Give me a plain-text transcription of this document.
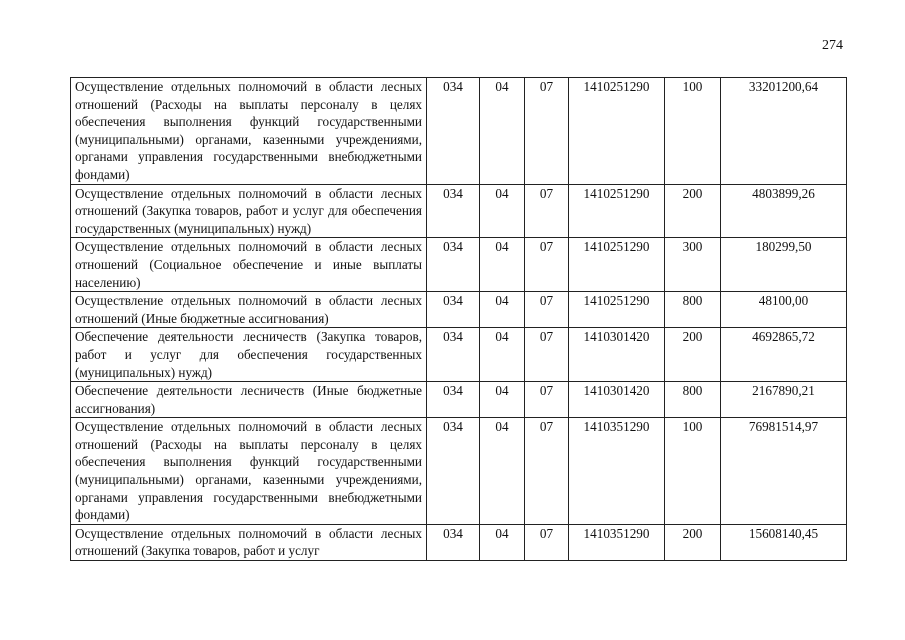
274
Осуществление отдельных полномочий в области лесных отношений (Расходы на выплаты персоналу в целях обеспечения выполнения функций государственными (муниципальными) органами, казенными учреждениями, органами управления государственными внебюджетными фондами)	034	04	07	1410251290	100	33201200,64
Осуществление отдельных полномочий в области лесных отношений (Закупка товаров, работ и услуг для обеспечения государственных (муниципальных) нужд)	034	04	07	1410251290	200	4803899,26
Осуществление отдельных полномочий в области лесных отношений (Социальное обеспечение и иные выплаты населению)	034	04	07	1410251290	300	180299,50
Осуществление отдельных полномочий в области лесных отношений (Иные бюджетные ассигнования)	034	04	07	1410251290	800	48100,00
Обеспечение деятельности лесничеств (Закупка товаров, работ и услуг для обеспечения государственных (муниципальных) нужд)	034	04	07	1410301420	200	4692865,72
Обеспечение деятельности лесничеств (Иные бюджетные ассигнования)	034	04	07	1410301420	800	2167890,21
Осуществление отдельных полномочий в области лесных отношений (Расходы на выплаты персоналу в целях обеспечения выполнения функций государственными (муниципальными) органами, казенными учреждениями, органами управления государственными внебюджетными фондами)	034	04	07	1410351290	100	76981514,97
Осуществление отдельных полномочий в области лесных отношений (Закупка товаров, работ и услуг	034	04	07	1410351290	200	15608140,45
